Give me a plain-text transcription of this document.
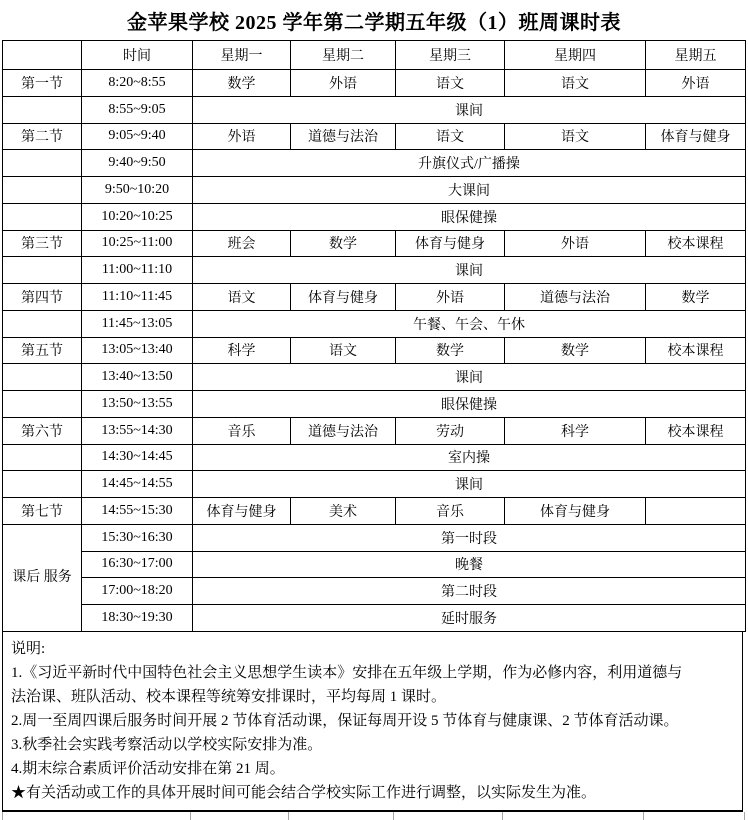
金苹果学校 2025 学年第二学期五年级（1）班周课时表
	时间	星期一	星期二	星期三	星期四	星期五
第一节	8:20~8:55	数学	外语	语文	语文	外语
	8:55~9:05	课间				
第二节	9:05~9:40	外语	道德与法治	语文	语文	体育与健身
	9:40~9:50	升旗仪式/广播操				
	9:50~10:20	大课间				
	10:20~10:25	眼保健操				
第三节	10:25~11:00	班会	数学	体育与健身	外语	校本课程
	11:00~11:10	课间				
第四节	11:10~11:45	语文	体育与健身	外语	道德与法治	数学
	11:45~13:05	午餐、午会、午休				
第五节	13:05~13:40	科学	语文	数学	数学	校本课程
	13:40~13:50	课间				
	13:50~13:55	眼保健操				
第六节	13:55~14:30	音乐	道德与法治	劳动	科学	校本课程
	14:30~14:45	室内操				
	14:45~14:55	课间				
第七节	14:55~15:30	体育与健身	美术	音乐	体育与健身	
课后 服务	15:30~16:30	第一时段				
	16:30~17:00	晚餐				
	17:00~18:20	第二时段				
	18:30~19:30	延时服务				
说明:
1.《习近平新时代中国特色社会主义思想学生读本》安排在五年级上学期，作为必修内容，利用道德与法治课、班队活动、校本课程等统筹安排课时，平均每周 1 课时。
2.周一至周四课后服务时间开展 2 节体育活动课，保证每周开设 5 节体育与健康课、2 节体育活动课。
3.秋季社会实践考察活动以学校实际安排为准。
4.期末综合素质评价活动安排在第 21 周。
★有关活动或工作的具体开展时间可能会结合学校实际工作进行调整，以实际发生为准。
